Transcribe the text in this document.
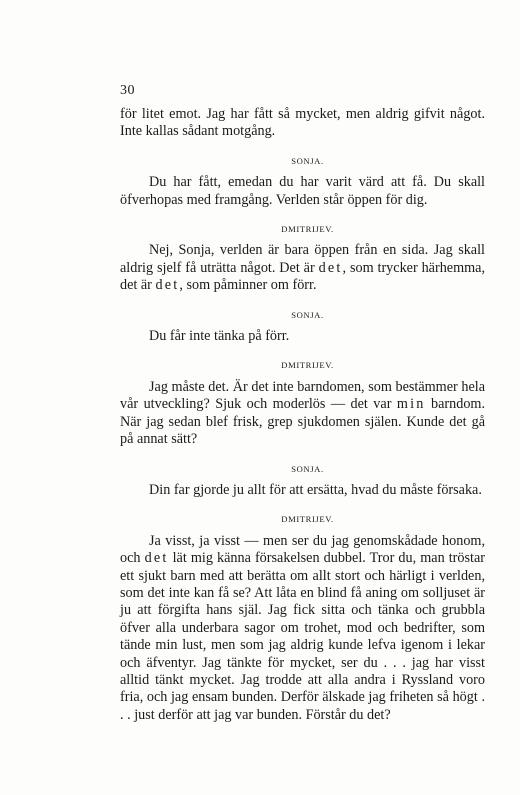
30

för litet emot. Jag har fått så mycket, men aldrig gifvit något. Inte kallas sådant motgång.

SONJA.

Du har fått, emedan du har varit värd att få. Du skall öfverhopas med framgång. Verlden står öppen för dig.

DMITRIJEV.

Nej, Sonja, verlden är bara öppen från en sida. Jag skall aldrig sjelf få uträtta något. Det är det, som trycker härhemma, det är det, som påminner om förr.

SONJA.

Du får inte tänka på förr.

DMITRIJEV.

Jag måste det. Är det inte barndomen, som bestämmer hela vår utveckling? Sjuk och moderlös — det var min barndom. När jag sedan blef frisk, grep sjukdomen själen. Kunde det gå på annat sätt?

SONJA.

Din far gjorde ju allt för att ersätta, hvad du måste försaka.

DMITRIJEV.

Ja visst, ja visst — men ser du jag genomskådade honom, och det lät mig känna försakelsen dubbel. Tror du, man tröstar ett sjukt barn med att berätta om allt stort och härligt i verlden, som det inte kan få se? Att låta en blind få aning om solljuset är ju att förgifta hans själ. Jag fick sitta och tänka och grubbla öfver alla underbara sagor om trohet, mod och bedrifter, som tände min lust, men som jag aldrig kunde lefva igenom i lekar och äfventyr. Jag tänkte för mycket, ser du . . . jag har visst alltid tänkt mycket. Jag trodde att alla andra i Ryssland voro fria, och jag ensam bunden. Derför älskade jag friheten så högt . . . just derför att jag var bunden. Förstår du det?
